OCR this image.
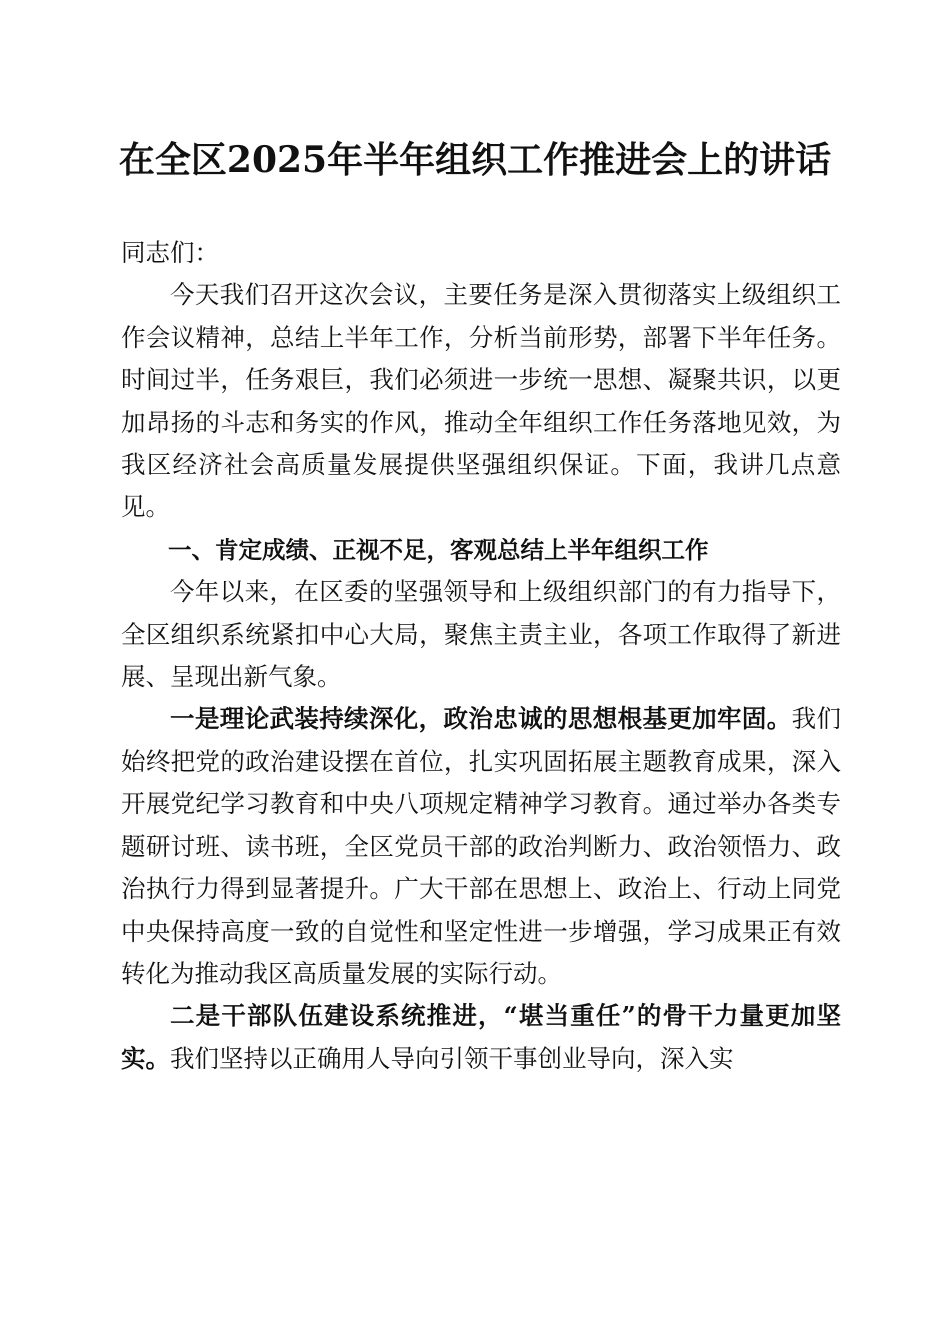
在全区2025年半年组织工作推进会上的讲话

同志们：

今天我们召开这次会议，主要任务是深入贯彻落实上级组织工作会议精神，总结上半年工作，分析当前形势，部署下半年任务。时间过半，任务艰巨，我们必须进一步统一思想、凝聚共识，以更加昂扬的斗志和务实的作风，推动全年组织工作任务落地见效，为我区经济社会高质量发展提供坚强组织保证。下面，我讲几点意见。

一、肯定成绩、正视不足，客观总结上半年组织工作

今年以来，在区委的坚强领导和上级组织部门的有力指导下，全区组织系统紧扣中心大局，聚焦主责主业，各项工作取得了新进展、呈现出新气象。

一是理论武装持续深化，政治忠诚的思想根基更加牢固。我们始终把党的政治建设摆在首位，扎实巩固拓展主题教育成果，深入开展党纪学习教育和中央八项规定精神学习教育。通过举办各类专题研讨班、读书班，全区党员干部的政治判断力、政治领悟力、政治执行力得到显著提升。广大干部在思想上、政治上、行动上同党中央保持高度一致的自觉性和坚定性进一步增强，学习成果正有效转化为推动我区高质量发展的实际行动。

二是干部队伍建设系统推进，“堪当重任”的骨干力量更加坚实。我们坚持以正确用人导向引领干事创业导向，深入实
